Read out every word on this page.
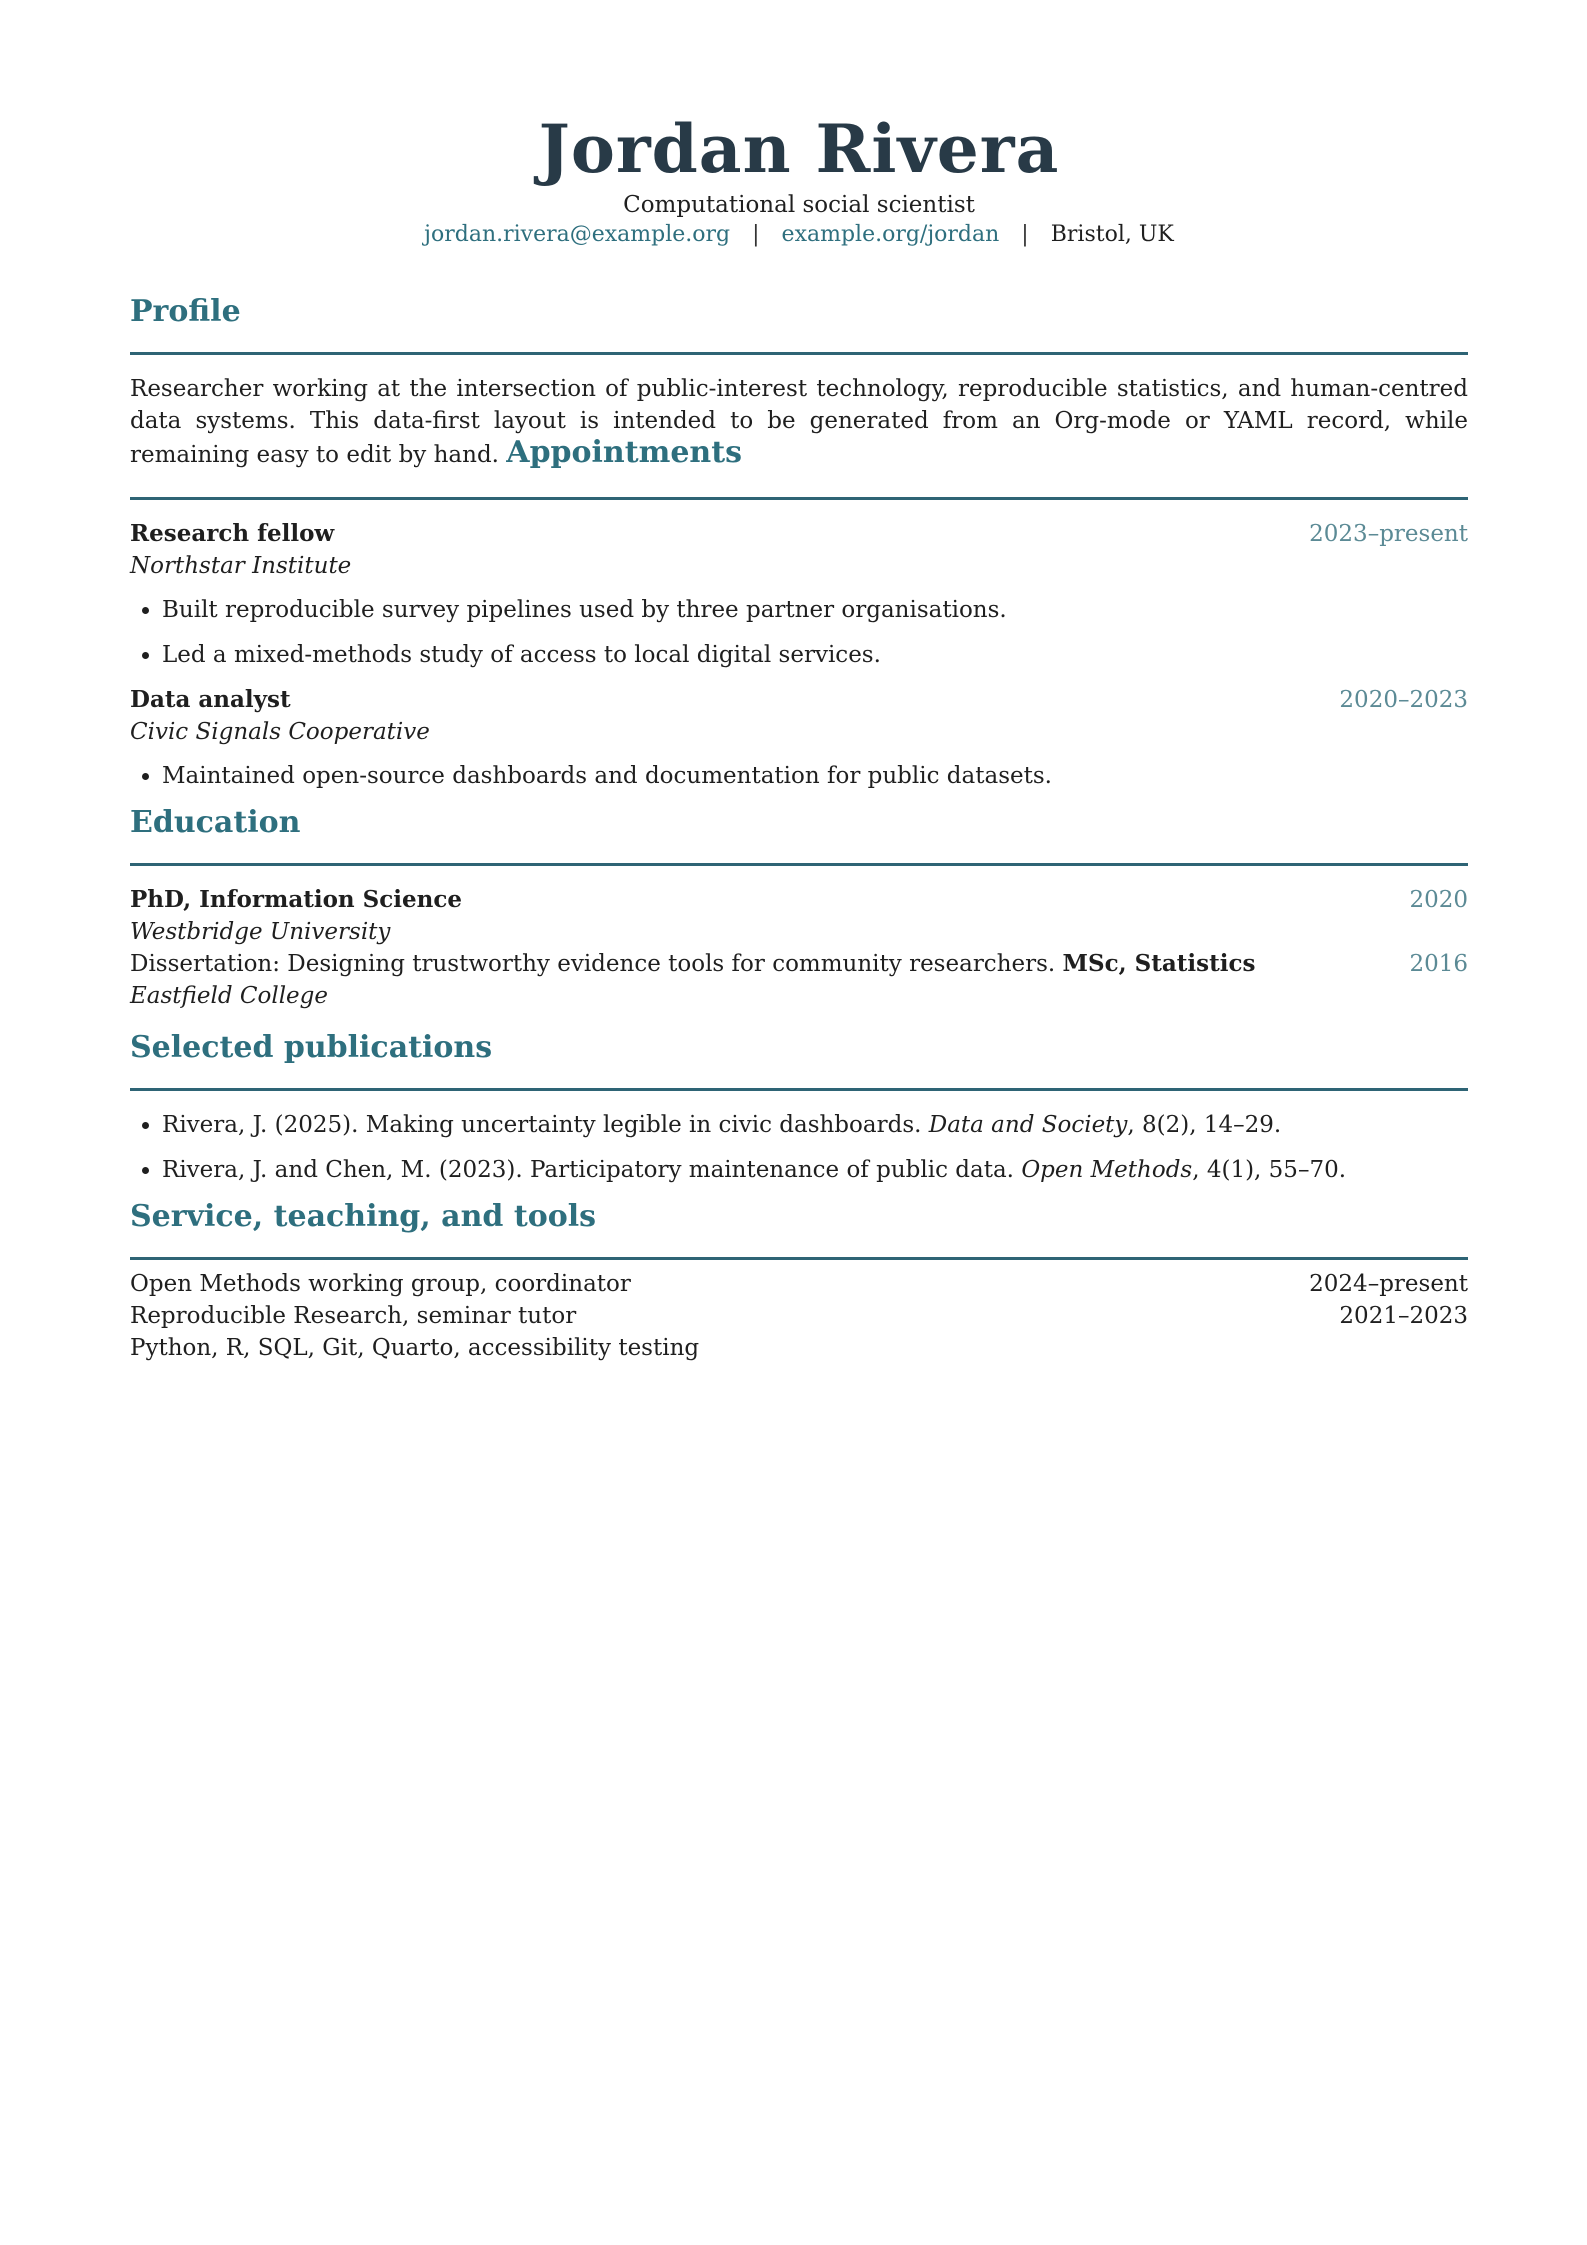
Jordan Rivera
Computational social scientist
jordan.rivera@example.org | example.org/jordan | Bristol, UK
Profile
Researcher working at the intersection of public-interest technology, reproducible statistics, and human-centred data systems. This data-first layout is intended to be generated from an Org-mode or YAML record, while remaining easy to edit by hand. Appointments
Research fellow	2023–present
Northstar Institute
• Built reproducible survey pipelines used by three partner organisations.
• Led a mixed-methods study of access to local digital services.
Data analyst	2020–2023
Civic Signals Cooperative
• Maintained open-source dashboards and documentation for public datasets.
Education
PhD, Information Science	2020
Westbridge University
Dissertation: Designing trustworthy evidence tools for community researchers. MSc, Statistics	2016
Eastfield College
Selected publications
• Rivera, J. (2025). Making uncertainty legible in civic dashboards. Data and Society, 8(2), 14–29.
• Rivera, J. and Chen, M. (2023). Participatory maintenance of public data. Open Methods, 4(1), 55–70.
Service, teaching, and tools
Open Methods working group, coordinator	2024–present
Reproducible Research, seminar tutor	2021–2023
Python, R, SQL, Git, Quarto, accessibility testing
